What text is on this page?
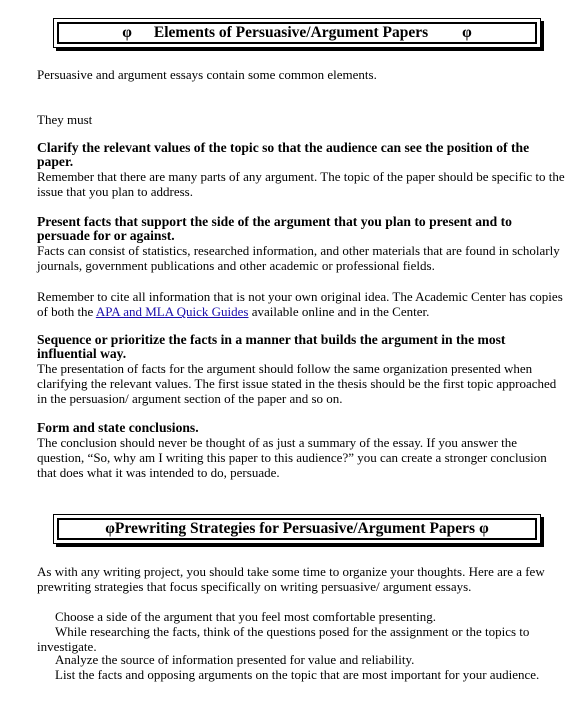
φ Elements of Persuasive/Argument Papers φ
Persuasive and argument essays contain some common elements.
They must
Clarify the relevant values of the topic so that the audience can see the position of the paper.
Remember that there are many parts of any argument. The topic of the paper should be specific to the issue that you plan to address.
Present facts that support the side of the argument that you plan to present and to persuade for or against.
Facts can consist of statistics, researched information, and other materials that are found in scholarly journals, government publications and other academic or professional fields.
Remember to cite all information that is not your own original idea. The Academic Center has copies of both the APA and MLA Quick Guides available online and in the Center.
Sequence or prioritize the facts in a manner that builds the argument in the most influential way.
The presentation of facts for the argument should follow the same organization presented when clarifying the relevant values. The first issue stated in the thesis should be the first topic approached in the persuasion/ argument section of the paper and so on.
Form and state conclusions.
The conclusion should never be thought of as just a summary of the essay. If you answer the question, “So, why am I writing this paper to this audience?” you can create a stronger conclusion that does what it was intended to do, persuade.
φ Prewriting Strategies for Persuasive/Argument Papers φ
As with any writing project, you should take some time to organize your thoughts. Here are a few prewriting strategies that focus specifically on writing persuasive/ argument essays.
Choose a side of the argument that you feel most comfortable presenting.
While researching the facts, think of the questions posed for the assignment or the topics to investigate.
Analyze the source of information presented for value and reliability.
List the facts and opposing arguments on the topic that are most important for your audience.
